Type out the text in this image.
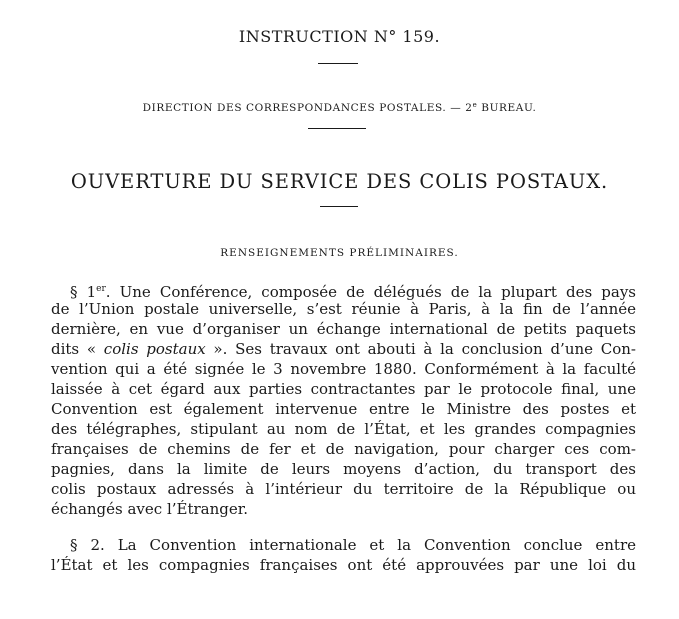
INSTRUCTION N° 159.
DIRECTION DES CORRESPONDANCES POSTALES. — 2e BUREAU.
OUVERTURE DU SERVICE DES COLIS POSTAUX.
RENSEIGNEMENTS PRÉLIMINAIRES.
§ 1er. Une Conférence, composée de délégués de la plupart des pays
de l’Union postale universelle, s’est réunie à Paris, à la fin de l’année
dernière, en vue d’organiser un échange international de petits paquets
dits « colis postaux ». Ses travaux ont abouti à la conclusion d’une Con-
vention qui a été signée le 3 novembre 1880. Conformément à la faculté
laissée à cet égard aux parties contractantes par le protocole final, une
Convention est également intervenue entre le Ministre des postes et
des télégraphes, stipulant au nom de l’État, et les grandes compagnies
françaises de chemins de fer et de navigation, pour charger ces com-
pagnies, dans la limite de leurs moyens d’action, du transport des
colis postaux adressés à l’intérieur du territoire de la République ou
échangés avec l’Étranger.
§ 2. La Convention internationale et la Convention conclue entre
l’État et les compagnies françaises ont été approuvées par une loi du
